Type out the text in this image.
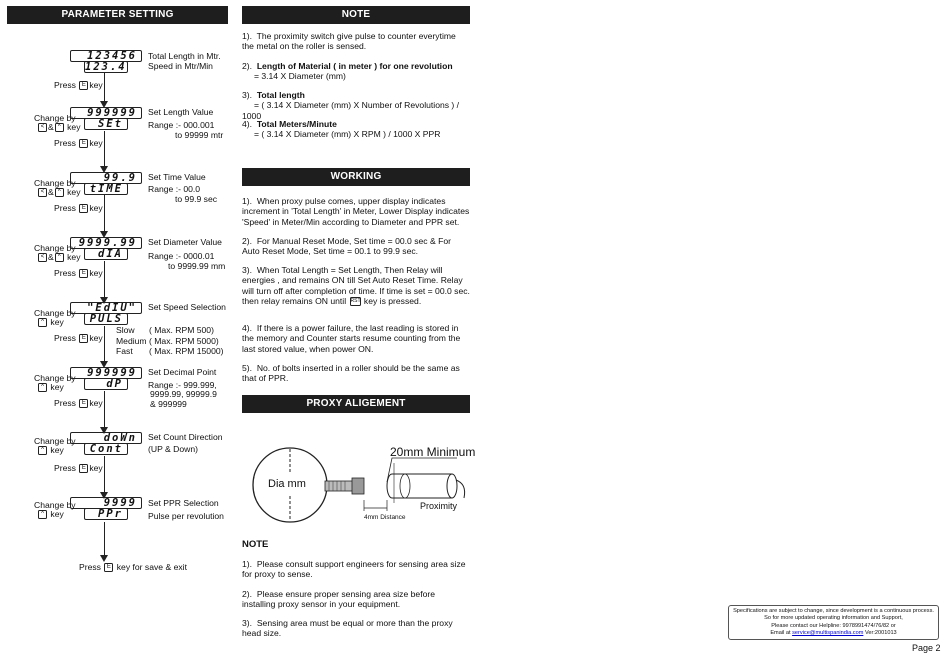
PARAMETER SETTING
123456
123.4
Total Length in Mtr.
Speed in Mtr/Min
Press E key
Change by
< & ^ key
999999
SEt
Set Length Value
Range :- 000.001
to 99999 mtr
Press E key
Change by
< & ^ key
99.9
tIME
Set Time Value
Range :- 00.0
to 99.9 sec
Press E key
Change by
< & ^ key
9999.99
dIA
Set Diameter Value
Range :- 0000.01
to 9999.99 mm
Press E key
Change by
^ key
"EdIU"
PULS
Set Speed Selection
Slow ( Max. RPM 500)
Medium ( Max. RPM 5000)
Fast ( Max. RPM 15000)
Press E key
Change by
^ key
999999
dP
Set Decimal Point
Range :- 999.999,
9999.99, 99999.9
& 999999
Press E key
Change by
^ key
doWn
Cont
Set Count Direction
(UP & Down)
Press E key
Change by
^ key
9999
PPr
Set PPR Selection
Pulse per revolution
Press E key for save & exit
NOTE
1). The proximity switch give pulse to counter everytime the metal on the roller is sensed.
2). Length of Material ( in meter ) for one revolution
= 3.14 X Diameter (mm)
3). Total length
= ( 3.14 X Diameter (mm) X Number of Revolutions ) / 1000
4). Total Meters/Minute
= ( 3.14 X Diameter (mm) X RPM ) / 1000 X PPR
WORKING
1). When proxy pulse comes, upper display indicates increment in 'Total Length' in Meter, Lower Display indicates 'Speed' in Meter/Min according to Diameter and PPR set.
2). For Manual Reset Mode, Set time = 00.0 sec & For Auto Reset Mode, Set time = 00.1 to 99.9 sec.
3). When Total Length = Set Length, Then Relay will energies , and remains ON till Set Auto Reset Time. Relay will turn off after completion of time. If time is set = 00.0 sec. then relay remains ON until RST key is pressed.
4). If there is a power failure, the last reading is stored in the memory and Counter starts resume counting from the last stored value, when power ON.
5). No. of bolts inserted in a roller should be the same as that of PPR.
PROXY ALIGEMENT
Dia mm
20mm Minimum
Proximity
4mm Distance
NOTE
1). Please consult support engineers for sensing area size for proxy to sense.
2). Please ensure proper sensing area size before installing proxy sensor in your equipment.
3). Sensing area must be equal or more than the proxy head size.
Specifications are subject to change, since development is a continuous process.
So for more updated operating information and Support,
Please contact our Helpline: 9978991474/76/82 or
Email at service@multispanindia.com Ver:2001013
Page 2
